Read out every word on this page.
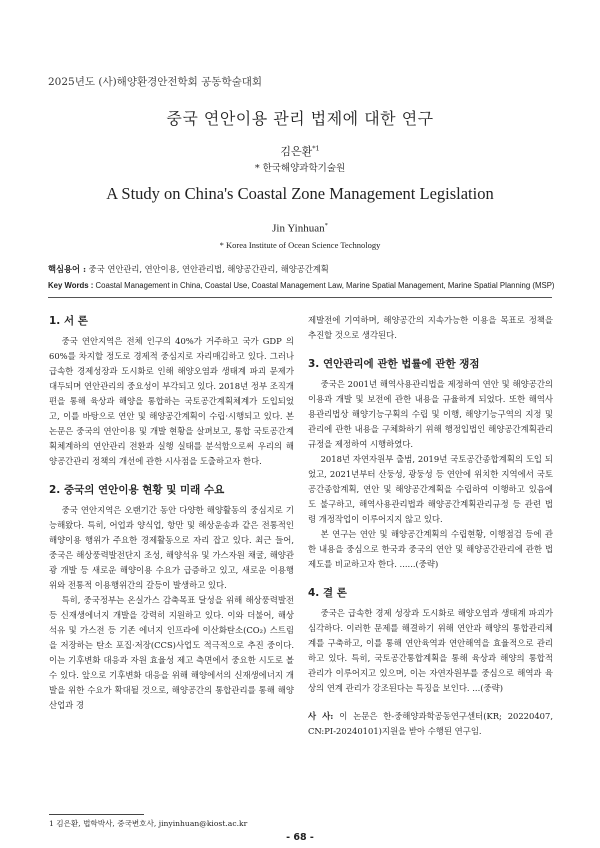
2025년도 (사)해양환경안전학회 공동학술대회
중국 연안이용 관리 법제에 대한 연구
김은환$^{*1}$
* 한국해양과학기술원
A Study on China's Coastal Zone Management Legislation
Jin Yinhuan*
* Korea Institute of Ocean Science Technology
핵심용어 : 중국 연안관리, 연안이용, 연안관리법, 해양공간관리, 해양공간계획
Key Words : Coastal Management in China, Coastal Use, Coastal Management Law, Marine Spatial Management, Marine Spatial Planning (MSP)
1. 서 론

중국 연안지역은 전체 인구의 40%가 거주하고 국가 GDP 의 60%를 차지할 정도로 경제적 중심지로 자리매김하고 있다. 그러나 급속한 경제성장과 도시화로 인해 해양오염과 생태계 파괴 문제가 대두되며 연안관리의 중요성이 부각되고 있다. 2018년 정부 조직개편을 통해 육상과 해양을 통합하는 국토공간계획체계가 도입되었고, 이를 바탕으로 연안 및 해양공간계획이 수립·시행되고 있다. 본 논문은 중국의 연안이용 및 개발 현황을 살펴보고, 통합 국토공간계획체계하의 연안관리 전환과 실행 실태를 분석함으로써 우리의 해양공간관리 정책의 개선에 관한 시사점을 도출하고자 한다.

2. 중국의 연안이용 현황 및 미래 수요

중국 연안지역은 오랜기간 동안 다양한 해양활동의 중심지로 기능해왔다. 특히, 어업과 양식업, 항만 및 해상운송과 같은 전통적인 해양이용 행위가 주요한 경제활동으로 자리 잡고 있다. 최근 들어, 중국은 해상풍력발전단지 조성, 해양석유 및 가스자원 채굴, 해양관광 개발 등 새로운 해양이용 수요가 급증하고 있고, 새로운 이용행위와 전통적 이용행위간의 갈등이 발생하고 있다.

특히, 중국정부는 온실가스 감축목표 달성을 위해 해상풍력발전 등 신재생에너지 개발을 강력히 지원하고 있다. 이와 더불어, 해상석유 및 가스전 등 기존 에너지 인프라에 이산화탄소(CO₂) 스트림을 저장하는 탄소 포집·저장(CCS)사업도 적극적으로 추진 중이다. 이는 기후변화 대응과 자원 효율성 제고 측면에서 중요한 시도로 볼 수 있다. 앞으로 기후변화 대응을 위해 해양에서의 신재생에너지 개발을 위한 수요가 확대될 것으로, 해양공간의 통합관리를 통해 해양산업과 경

제발전에 기여하며, 해양공간의 지속가능한 이용을 목표로 정책을 추진할 것으로 생각된다.

3. 연안관리에 관한 법률에 관한 쟁점

중국은 2001년 해역사용관리법을 제정하여 연안 및 해양공간의 이용과 개발 및 보전에 관한 내용을 규율하게 되었다. 또한 해역사용관리법상 해양기능구획의 수립 및 이행, 해양기능구역의 지정 및 관리에 관한 내용을 구체화하기 위해 행정입법인 해양공간계획관리규정을 제정하여 시행하였다.

2018년 자연자원부 출범, 2019년 국토공간종합계획의 도입 되었고, 2021년부터 산둥성, 광둥성 등 연안에 위치한 지역에서 국토공간종합계획, 연안 및 해양공간계획을 수립하여 이행하고 있음에도 불구하고, 해역사용관리법과 해양공간계획관리규정 등 관련 법령 개정작업이 이루어지지 않고 있다.

본 연구는 연안 및 해양공간계획의 수립현황, 이행점검 등에 관한 내용을 중심으로 한국과 중국의 연안 및 해양공간관리에 관한 법제도를 비교하고자 한다. ......(중략)

4. 결 론

중국은 급속한 경제 성장과 도시화로 해양오염과 생태계 파괴가 심각하다. 이러한 문제를 해결하기 위해 연안과 해양의 통합관리체계를 구축하고, 이를 통해 연안육역과 연안해역을 효율적으로 관리하고 있다. 특히, 국토공간통합계획을 통해 육상과 해양의 통합적 관리가 이루어지고 있으며, 이는 자연자원부를 중심으로 해역과 육상의 연계 관리가 강조된다는 특징을 보인다. ...(중략)

사 사: 이 논문은 한-중해양과학공동연구센터(KR; 20220407, CN:PI-20240101)지원을 받아 수행된 연구임.

1 김은환, 법학박사, 중국변호사, jinyinhuan@kiost.ac.kr
- 68 -
